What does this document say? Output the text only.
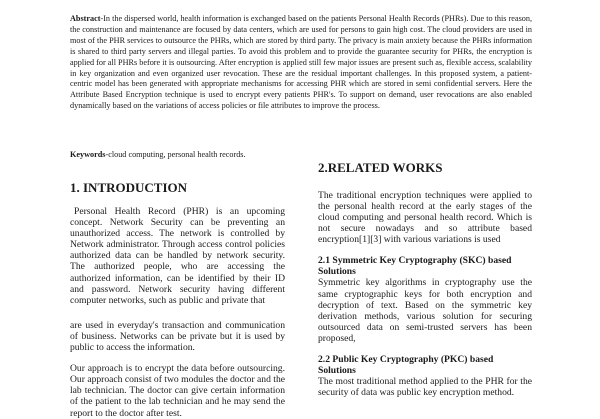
Abstract-In the dispersed world, health information is exchanged based on the patients Personal Health Records (PHRs). Due to this reason, the construction and maintenance are focused by data centers, which are used for persons to gain high cost. The cloud providers are used in most of the PHR services to outsource the PHRs, which are stored by third party. The privacy is main anxiety because the PHRs information is shared to third party servers and illegal parties. To avoid this problem and to provide the guarantee security for PHRs, the encryption is applied for all PHRs before it is outsourcing. After encryption is applied still few major issues are present such as, flexible access, scalability in key organization and even organized user revocation. These are the residual important challenges. In this proposed system, a patient-centric model has been generated with appropriate mechanisms for accessing PHR which are stored in semi confidential servers. Here the Attribute Based Encryption technique is used to encrypt every patients PHR's. To support on demand, user revocations are also enabled dynamically based on the variations of access policies or file attributes to improve the process.
Keywords-cloud computing, personal health records.
1. INTRODUCTION

Personal Health Record (PHR) is an upcoming concept. Network Security can be preventing an unauthorized access. The network is controlled by Network administrator. Through access control policies authorized data can be handled by network security. The authorized people, who are accessing the authorized information, can be identified by their ID and password. Network security having different computer networks, such as public and private that

are used in everyday's transaction and communication of business. Networks can be private but it is used by public to access the information.

Our approach is to encrypt the data before outsourcing. Our approach consist of two modules the doctor and the lab technician. The doctor can give certain information of the patient to the lab technician and he may send the report to the doctor after test.

2.RELATED WORKS

The traditional encryption techniques were applied to the personal health record at the early stages of the cloud computing and personal health record. Which is not secure nowadays and so attribute based encryption[1][3] with various variations is used

2.1 Symmetric Key Cryptography (SKC) based Solutions

Symmetric key algorithms in cryptography use the same cryptographic keys for both encryption and decryption of text. Based on the symmetric key derivation methods, various solution for securing outsourced data on semi-trusted servers has been proposed,

2.2 Public Key Cryptography (PKC) based Solutions

The most traditional method applied to the PHR for the security of data was public key encryption method.
